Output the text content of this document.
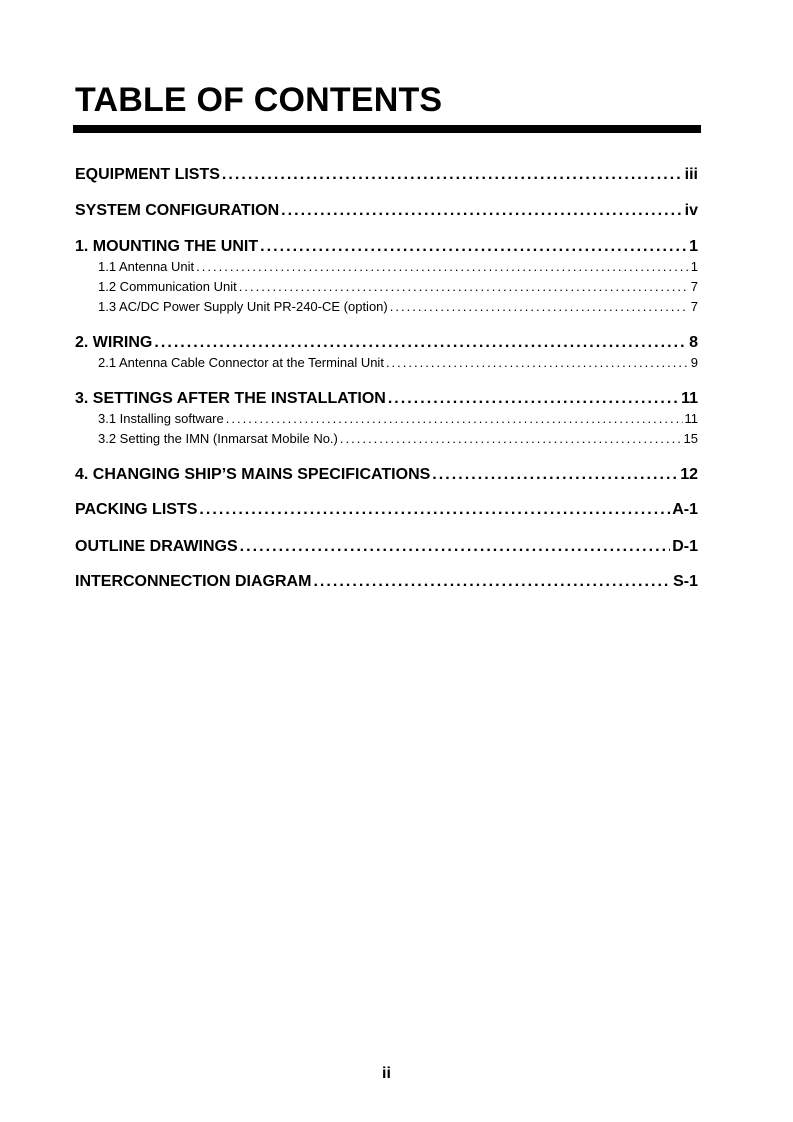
TABLE OF CONTENTS
EQUIPMENT LISTS . . .	iii
SYSTEM CONFIGURATION . . .	iv
1. MOUNTING THE UNIT . . .	1
1.1 Antenna Unit . . .	1
1.2 Communication Unit . . .	7
1.3 AC/DC Power Supply Unit PR-240-CE (option) . . .	7
2. WIRING . . .	8
2.1 Antenna Cable Connector at the Terminal Unit . . .	9
3. SETTINGS AFTER THE INSTALLATION . . .	11
3.1 Installing software . . .	11
3.2 Setting the IMN (Inmarsat Mobile No.) . . .	15
4. CHANGING SHIP’S MAINS SPECIFICATIONS . . .	12
PACKING LISTS . . .	A-1
OUTLINE DRAWINGS . . .	D-1
INTERCONNECTION DIAGRAM . . .	S-1
ii
